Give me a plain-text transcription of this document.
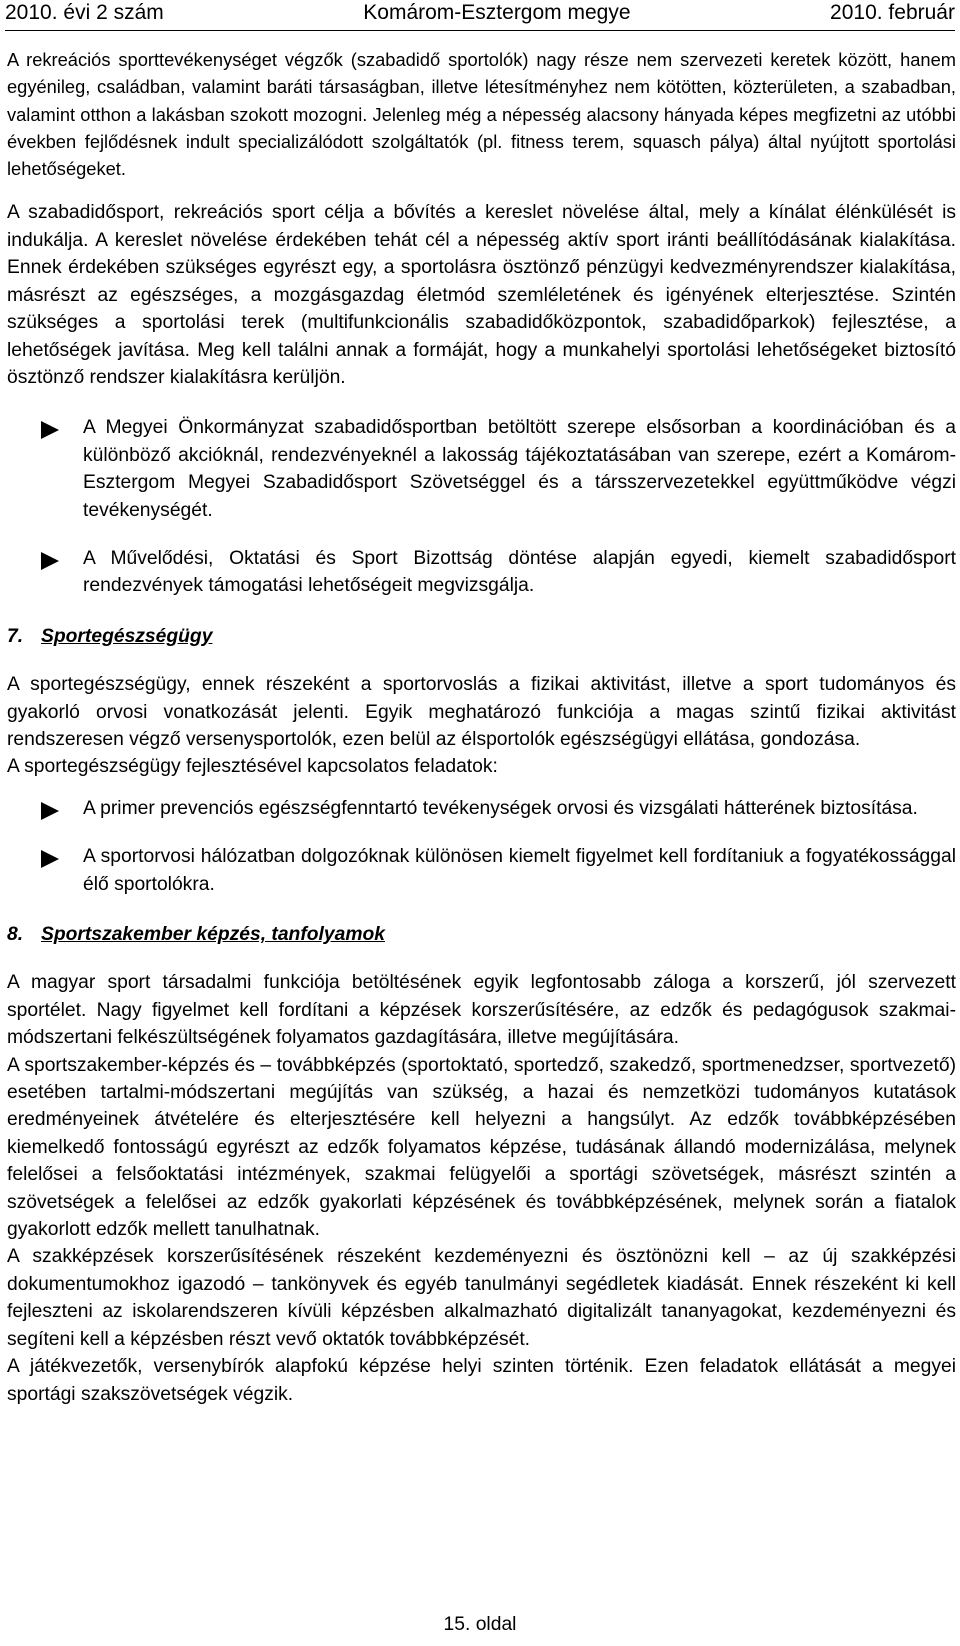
2010. évi 2 szám	Komárom-Esztergom megye	2010. február

A rekreációs sporttevékenységet végzők (szabadidő sportolók) nagy része nem szervezeti keretek között, hanem egyénileg, családban, valamint baráti társaságban, illetve létesítményhez nem kötötten, közterületen, a szabadban, valamint otthon a lakásban szokott mozogni. Jelenleg még a népesség alacsony hányada képes megfizetni az utóbbi években fejlődésnek indult specializálódott szolgáltatók (pl. fitness terem, squasch pálya) által nyújtott sportolási lehetőségeket.

A szabadidősport, rekreációs sport célja a bővítés a kereslet növelése által, mely a kínálat élénkülését is indukálja. A kereslet növelése érdekében tehát cél a népesség aktív sport iránti beállítódásának kialakítása. Ennek érdekében szükséges egyrészt egy, a sportolásra ösztönző pénzügyi kedvezményrendszer kialakítása, másrészt az egészséges, a mozgásgazdag életmód szemléletének és igényének elterjesztése. Szintén szükséges a sportolási terek (multifunkcionális szabadidőközpontok, szabadidőparkok) fejlesztése, a lehetőségek javítása. Meg kell találni annak a formáját, hogy a munkahelyi sportolási lehetőségeket biztosító ösztönző rendszer kialakításra kerüljön.

A Megyei Önkormányzat szabadidősportban betöltött szerepe elsősorban a koordinációban és a különböző akcióknál, rendezvényeknél a lakosság tájékoztatásában van szerepe, ezért a Komárom-Esztergom Megyei Szabadidősport Szövetséggel és a társszervezetekkel együttműködve végzi tevékenységét.
A Művelődési, Oktatási és Sport Bizottság döntése alapján egyedi, kiemelt szabadidősport rendezvények támogatási lehetőségeit megvizsgálja.
7. Sportegészségügy

A sportegészségügy, ennek részeként a sportorvoslás a fizikai aktivitást, illetve a sport tudományos és gyakorló orvosi vonatkozását jelenti. Egyik meghatározó funkciója a magas szintű fizikai aktivitást rendszeresen végző versenysportolók, ezen belül az élsportolók egészségügyi ellátása, gondozása.

A sportegészségügy fejlesztésével kapcsolatos feladatok:

A primer prevenciós egészségfenntartó tevékenységek orvosi és vizsgálati hátterének biztosítása.
A sportorvosi hálózatban dolgozóknak különösen kiemelt figyelmet kell fordítaniuk a fogyatékossággal élő sportolókra.
8. Sportszakember képzés, tanfolyamok

A magyar sport társadalmi funkciója betöltésének egyik legfontosabb záloga a korszerű, jól szervezett sportélet. Nagy figyelmet kell fordítani a képzések korszerűsítésére, az edzők és pedagógusok szakmai-módszertani felkészültségének folyamatos gazdagítására, illetve megújítására.

A sportszakember-képzés és – továbbképzés (sportoktató, sportedző, szakedző, sportmenedzser, sportvezető) esetében tartalmi-módszertani megújítás van szükség, a hazai és nemzetközi tudományos kutatások eredményeinek átvételére és elterjesztésére kell helyezni a hangsúlyt. Az edzők továbbképzésében kiemelkedő fontosságú egyrészt az edzők folyamatos képzése, tudásának állandó modernizálása, melynek felelősei a felsőoktatási intézmények, szakmai felügyelői a sportági szövetségek, másrészt szintén a szövetségek a felelősei az edzők gyakorlati képzésének és továbbképzésének, melynek során a fiatalok gyakorlott edzők mellett tanulhatnak.

A szakképzések korszerűsítésének részeként kezdeményezni és ösztönözni kell – az új szakképzési dokumentumokhoz igazodó – tankönyvek és egyéb tanulmányi segédletek kiadását. Ennek részeként ki kell fejleszteni az iskolarendszeren kívüli képzésben alkalmazható digitalizált tananyagokat, kezdeményezni és segíteni kell a képzésben részt vevő oktatók továbbképzését.

A játékvezetők, versenybírók alapfokú képzése helyi szinten történik. Ezen feladatok ellátását a megyei sportági szakszövetségek végzik.

15. oldal
